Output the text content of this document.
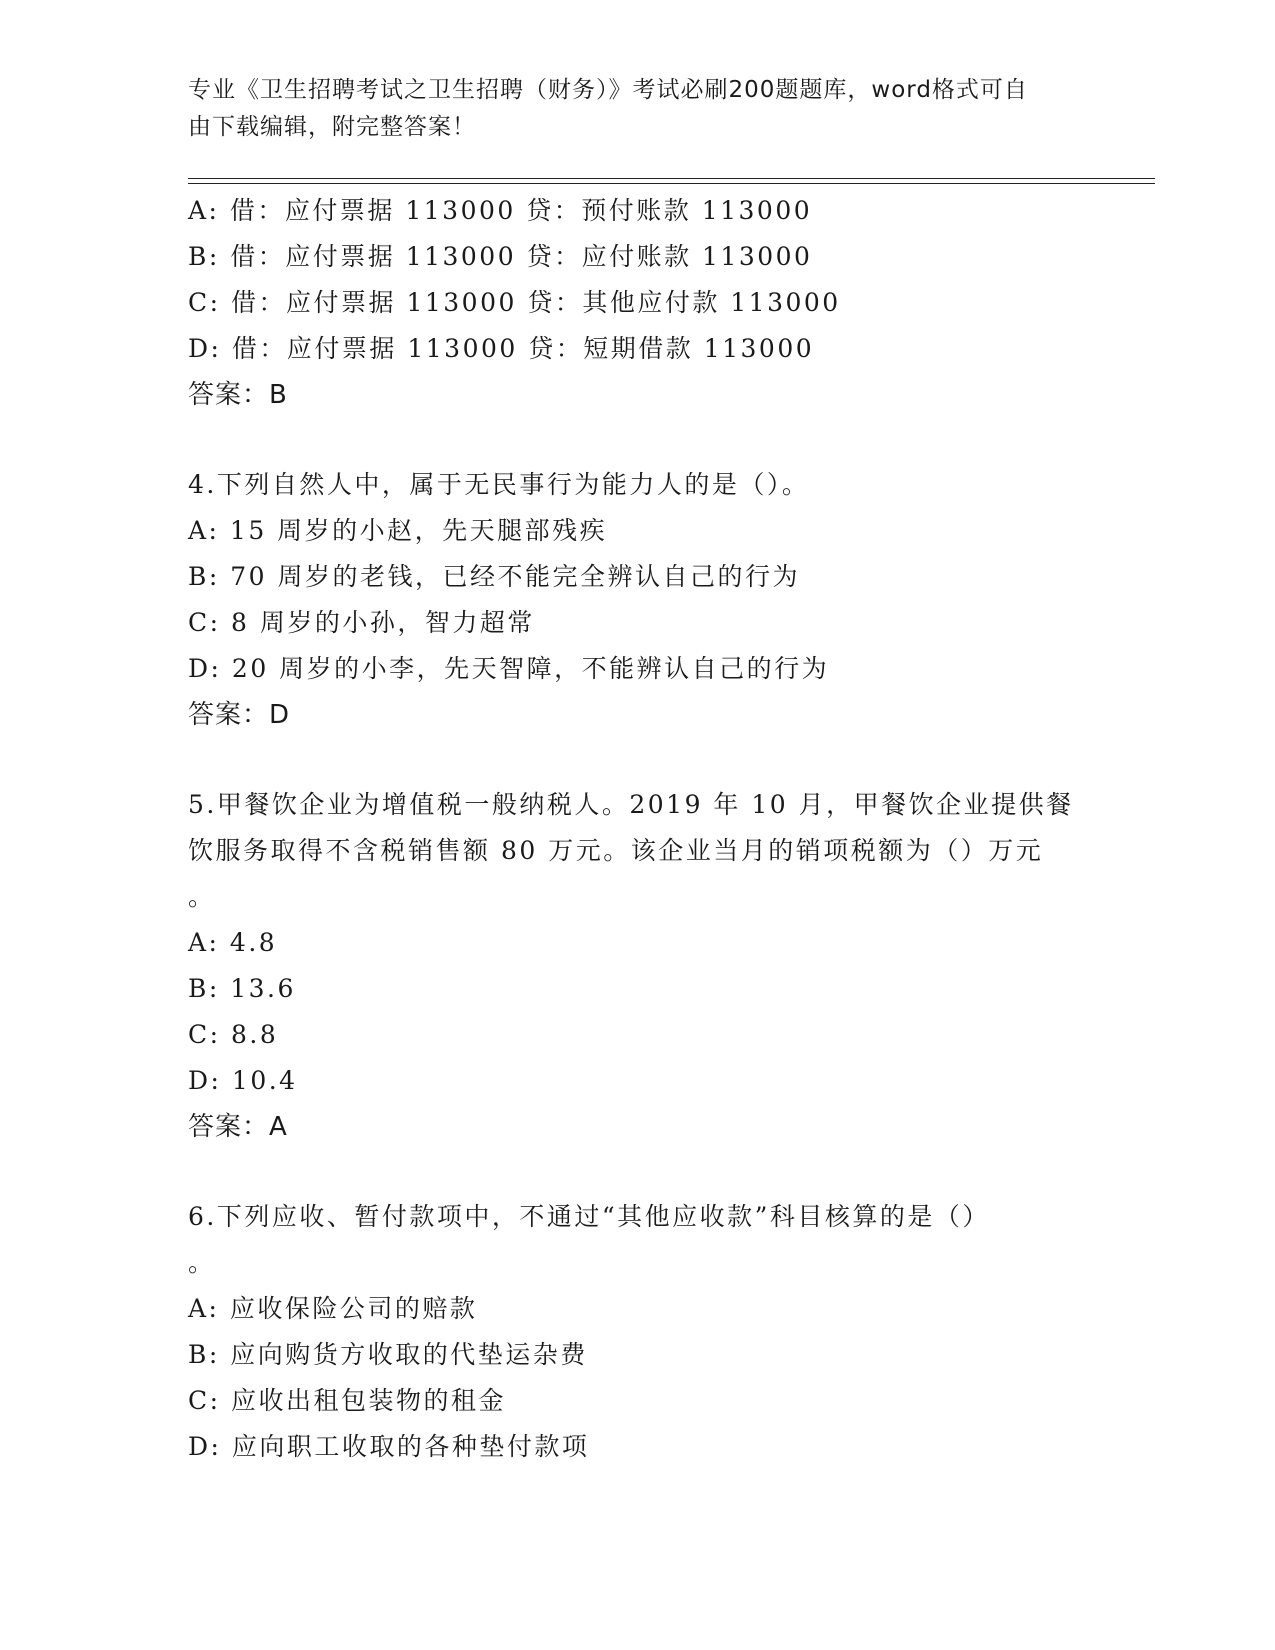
专业《卫生招聘考试之卫生招聘（财务）》考试必刷200题题库，word格式可自
由下载编辑，附完整答案！
A: 借：应付票据 113000 贷：预付账款 113000
B: 借：应付票据 113000 贷：应付账款 113000
C: 借：应付票据 113000 贷：其他应付款 113000
D: 借：应付票据 113000 贷：短期借款 113000
答案：B
4.下列自然人中，属于无民事行为能力人的是（）。
A: 15 周岁的小赵，先天腿部残疾
B: 70 周岁的老钱，已经不能完全辨认自己的行为
C: 8 周岁的小孙，智力超常
D: 20 周岁的小李，先天智障，不能辨认自己的行为
答案：D
5.甲餐饮企业为增值税一般纳税人。2019 年 10 月，甲餐饮企业提供餐
饮服务取得不含税销售额 80 万元。该企业当月的销项税额为（）万元
。
A: 4.8
B: 13.6
C: 8.8
D: 10.4
答案：A
6.下列应收、暂付款项中，不通过“其他应收款”科目核算的是（）
。
A: 应收保险公司的赔款
B: 应向购货方收取的代垫运杂费
C: 应收出租包装物的租金
D: 应向职工收取的各种垫付款项
